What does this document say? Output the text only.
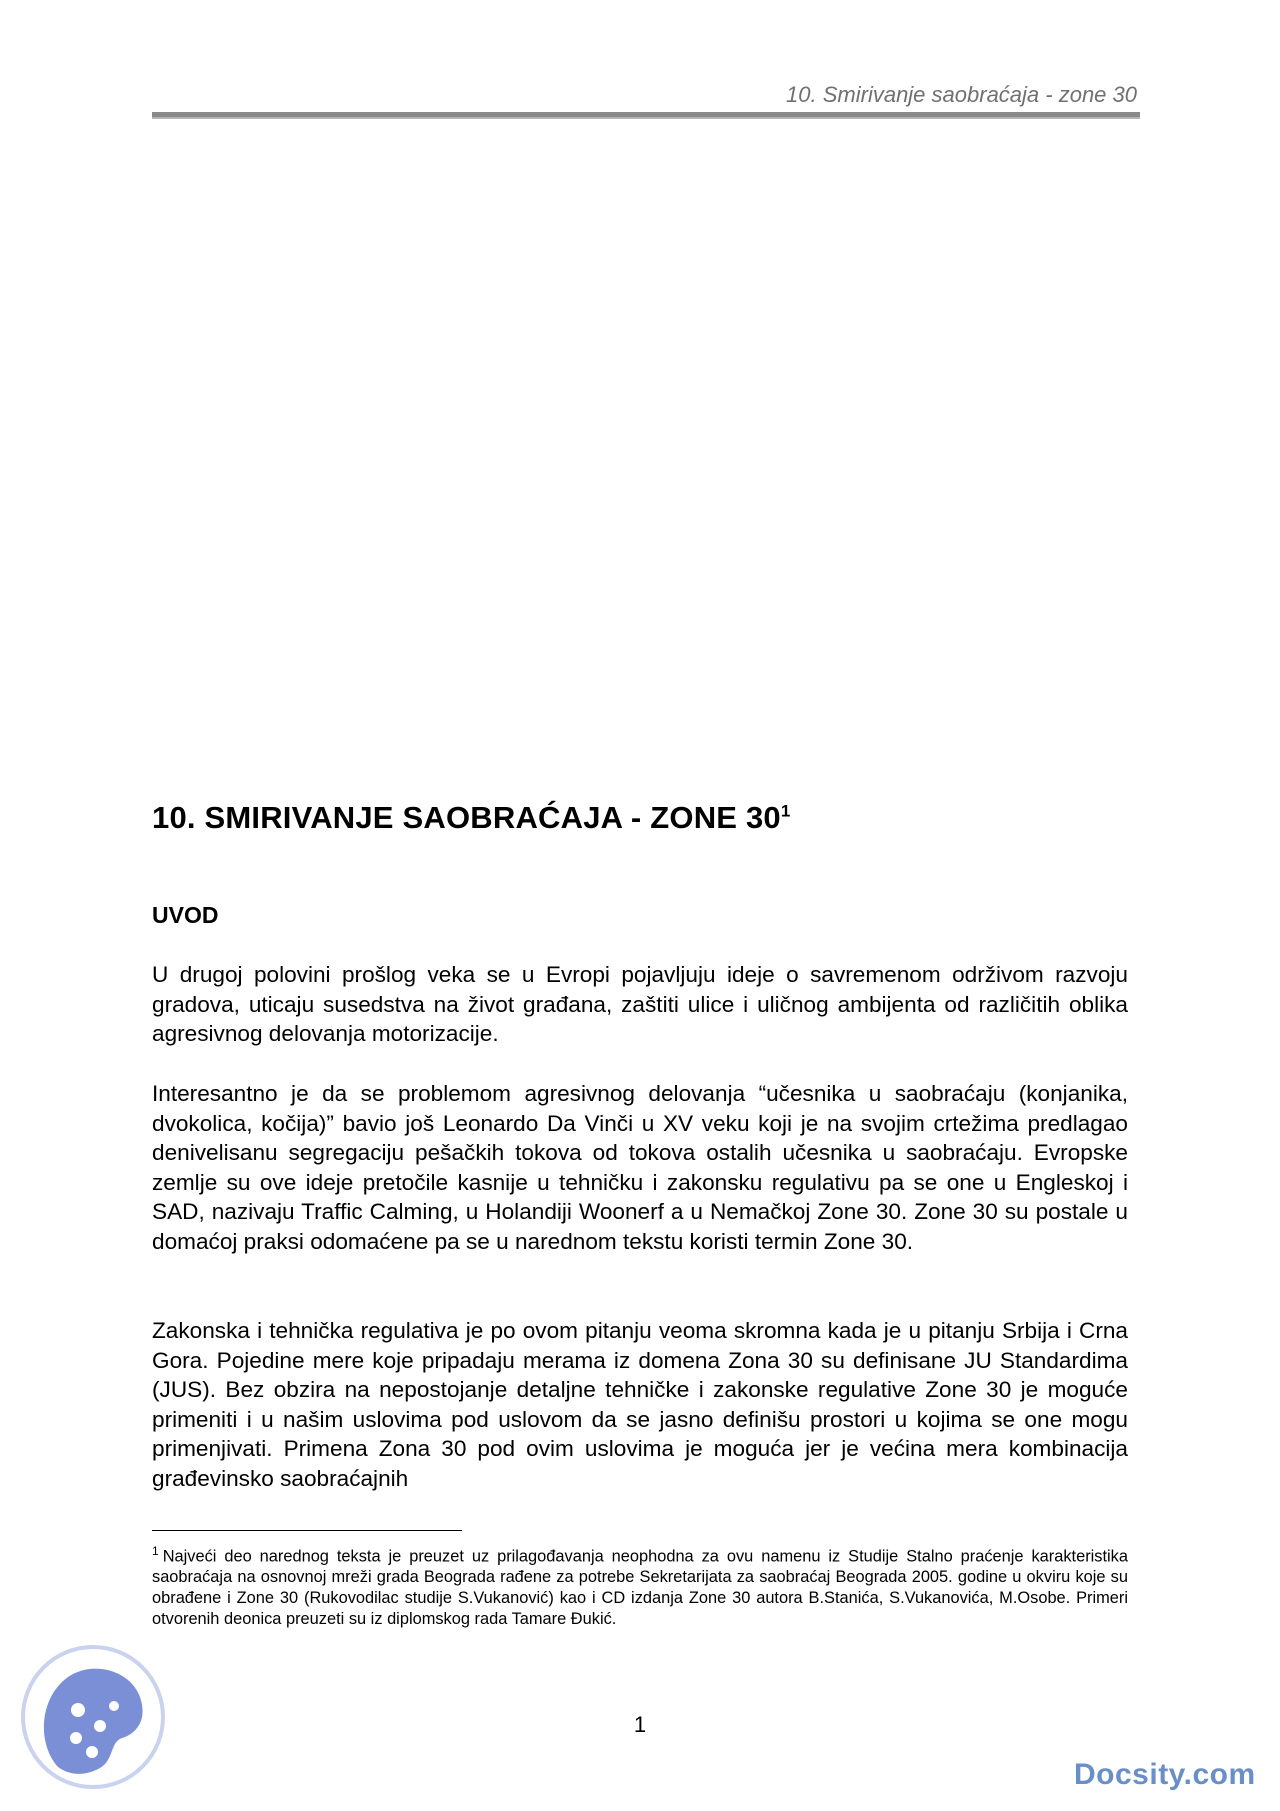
10. Smirivanje saobraćaja - zone 30
10. SMIRIVANJE SAOBRAĆAJA - ZONE $30^1$
UVOD

U drugoj polovini prošlog veka se u Evropi pojavljuju ideje o savremenom održivom razvoju gradova, uticaju susedstva na život građana, zaštiti ulice i uličnog ambijenta od različitih oblika agresivnog delovanja motorizacije.

Interesantno je da se problemom agresivnog delovanja “učesnika u saobraćaju (konjanika, dvokolica, kočija)” bavio još Leonardo Da Vinči u XV veku koji je na svojim crtežima predlagao denivelisanu segregaciju pešačkih tokova od tokova ostalih učesnika u saobraćaju. Evropske zemlje su ove ideje pretočile kasnije u tehničku i zakonsku regulativu pa se one u Engleskoj i SAD, nazivaju Traffic Calming, u Holandiji Woonerf a u Nemačkoj Zone 30. Zone 30 su postale u domaćoj praksi odomaćene pa se u narednom tekstu koristi termin Zone 30.

Zakonska i tehnička regulativa je po ovom pitanju veoma skromna kada je u pitanju Srbija i Crna Gora. Pojedine mere koje pripadaju merama iz domena Zona 30 su definisane JU Standardima (JUS). Bez obzira na nepostojanje detaljne tehničke i zakonske regulative Zone 30 je moguće primeniti i u našim uslovima pod uslovom da se jasno definišu prostori u kojima se one mogu primenjivati. Primena Zona 30 pod ovim uslovima je moguća jer je većina mera kombinacija građevinsko saobraćajnih

$^1$ Najveći deo narednog teksta je preuzet uz prilagođavanja neophodna za ovu namenu iz Studije Stalno praćenje karakteristika saobraćaja na osnovnoj mreži grada Beograda rađene za potrebe Sekretarijata za saobraćaj Beograda 2005. godine u okviru koje su obrađene i Zone 30 (Rukovodilac studije S.Vukanović) kao i CD izdanja Zone 30 autora B.Stanića, S.Vukanovića, M.Osobe. Primeri otvorenih deonica preuzeti su iz diplomskog rada Tamare Đukić.

1
Docsity.com
